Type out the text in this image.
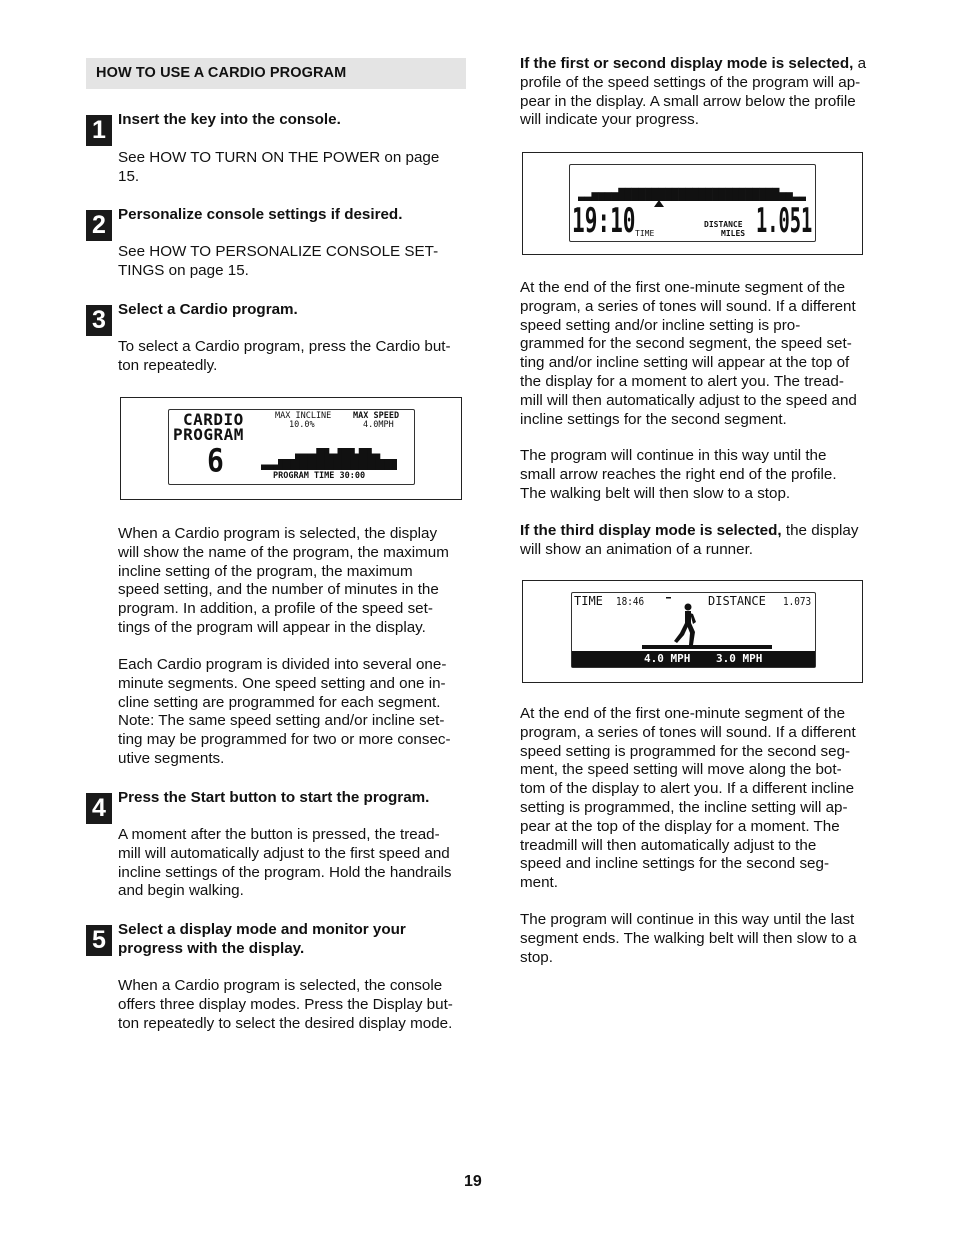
HOW TO USE A CARDIO PROGRAM
1 Insert the key into the console.

See HOW TO TURN ON THE POWER on page
15.

2 Personalize console settings if desired.

See HOW TO PERSONALIZE CONSOLE SET-
TINGS on page 15.

3 Select a Cardio program.

To select a Cardio program, press the Cardio but-
ton repeatedly.

CARDIO
PROGRAM
6
MAX INCLINE
10.0%
MAX SPEED
4.0MPH
PROGRAM TIME 30:00

When a Cardio program is selected, the display
will show the name of the program, the maximum
incline setting of the program, the maximum
speed setting, and the number of minutes in the
program. In addition, a profile of the speed set-
tings of the program will appear in the display.

Each Cardio program is divided into several one-
minute segments. One speed setting and one in-
cline setting are programmed for each segment.
Note: The same speed setting and/or incline set-
ting may be programmed for two or more consec-
utive segments.

4 Press the Start button to start the program.

A moment after the button is pressed, the tread-
mill will automatically adjust to the first speed and
incline settings of the program. Hold the handrails
and begin walking.

5 Select a display mode and monitor your
progress with the display.

When a Cardio program is selected, the console
offers three display modes. Press the Display but-
ton repeatedly to select the desired display mode.

If the first or second display mode is selected, a
profile of the speed settings of the program will ap-
pear in the display. A small arrow below the profile
will indicate your progress.

19:10 TIME
DISTANCE
MILES 1.051

At the end of the first one-minute segment of the
program, a series of tones will sound. If a different
speed setting and/or incline setting is pro-
grammed for the second segment, the speed set-
ting and/or incline setting will appear at the top of
the display for a moment to alert you. The tread-
mill will then automatically adjust to the speed and
incline settings for the second segment.

The program will continue in this way until the
small arrow reaches the right end of the profile.
The walking belt will then slow to a stop.

If the third display mode is selected, the display
will show an animation of a runner.

TIME 18:46	DISTANCE 1.073
4.0 MPH 3.0 MPH

At the end of the first one-minute segment of the
program, a series of tones will sound. If a different
speed setting is programmed for the second seg-
ment, the speed setting will move along the bot-
tom of the display to alert you. If a different incline
setting is programmed, the incline setting will ap-
pear at the top of the display for a moment. The
treadmill will then automatically adjust to the
speed and incline settings for the second seg-
ment.

The program will continue in this way until the last
segment ends. The walking belt will then slow to a
stop.

19
